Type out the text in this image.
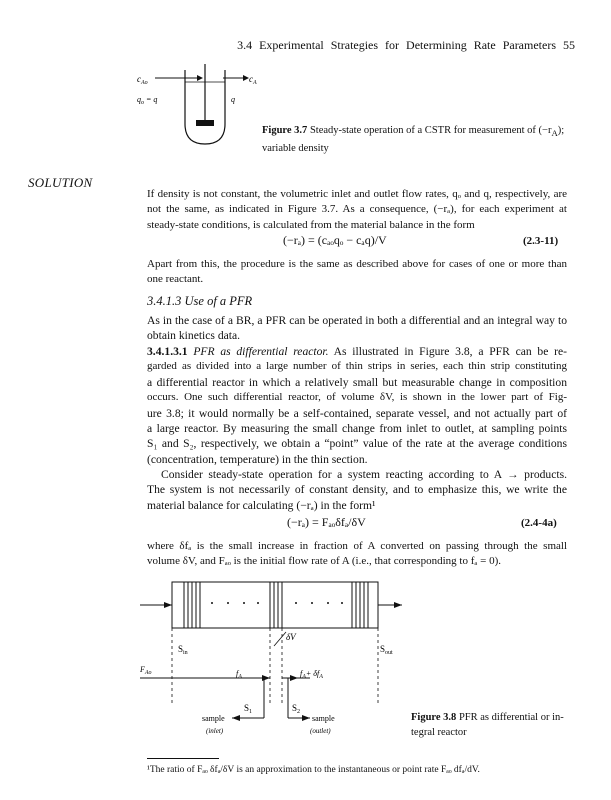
3.4 Experimental Strategies for Determining Rate Parameters 55
$c_{Ao}$	$c_A$
$q_o = q$	q
Figure 3.7 Steady-state operation of a CSTR for measurement of $(-r_A)$; variable density
SOLUTION
If density is not constant, the volumetric inlet and outlet flow rates, qₒ and q, respectively, are not the same, as indicated in Figure 3.7. As a consequence, (−rₐ), for each experiment at steady-state conditions, is calculated from the material balance in the form
(−rₐ) = (cₐₒqₒ − cₐq)/V	(2.3-11)
Apart from this, the procedure is the same as described above for cases of one or more than one reactant.
3.4.1.3 Use of a PFR
As in the case of a BR, a PFR can be operated in both a differential and an integral way to obtain kinetics data.
3.4.1.3.1 PFR as differential reactor. As illustrated in Figure 3.8, a PFR can be re-
garded as divided into a large number of thin strips in series, each thin strip constituting
a differential reactor in which a relatively small but measurable change in composition
occurs. One such differential reactor, of volume δV, is shown in the lower part of Fig-
ure 3.8; it would normally be a self-contained, separate vessel, and not actually part of
a large reactor. By measuring the small change from inlet to outlet, at sampling points
S₁ and S₂, respectively, we obtain a “point” value of the rate at the average conditions
(concentration, temperature) in the thin section.
Consider steady-state operation for a system reacting according to A → products.
The system is not necessarily of constant density, and to emphasize this, we write the
material balance for calculating (−rₐ) in the form¹
(−rₐ) = Fₐₒδfₐ/δV	(2.4-4a)
where δfₐ is the small increase in fraction of A converted on passing through the small
volume δV, and Fₐₒ is the initial flow rate of A (i.e., that corresponding to fₐ = 0).
$S_{in}$	$S_{out}$
δV
$F_{Ao}$	$f_A$	$f_A+ \delta f_A$
$S_1$	$S_2$
sample
(inlet)
sample
(outlet)
Figure 3.8 PFR as differential or in-tegral reactor
¹The ratio of Fₐₒ δfₐ/δV is an approximation to the instantaneous or point rate Fₐₒ dfₐ/dV.
